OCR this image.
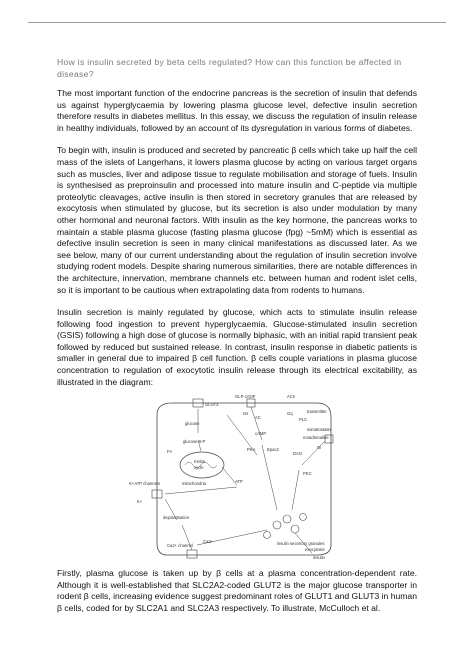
How is insulin secreted by beta cells regulated? How can this function be affected in disease?

The most important function of the endocrine pancreas is the secretion of insulin that defends us against hyperglycaemia by lowering plasma glucose level, defective insulin secretion therefore results in diabetes mellitus. In this essay, we discuss the regulation of insulin release in healthy individuals, followed by an account of its dysregulation in various forms of diabetes.

To begin with, insulin is produced and secreted by pancreatic β cells which take up half the cell mass of the islets of Langerhans, it lowers plasma glucose by acting on various target organs such as muscles, liver and adipose tissue to regulate mobilisation and storage of fuels. Insulin is synthesised as preproinsulin and processed into mature insulin and C-peptide via multiple proteolytic cleavages, active insulin is then stored in secretory granules that are released by exocytosis when stimulated by glucose, but its secretion is also under modulation by many other hormonal and neuronal factors. With insulin as the key hormone, the pancreas works to maintain a stable plasma glucose (fasting plasma glucose (fpg) ~5mM) which is essential as defective insulin secretion is seen in many clinical manifestations as discussed later. As we see below, many of our current understanding about the regulation of insulin secretion involve studying rodent models. Despite sharing numerous similarities, there are notable differences in the architecture, innervation, membrane channels etc. between human and rodent islet cells, so it is important to be cautious when extrapolating data from rodents to humans.

Insulin secretion is mainly regulated by glucose, which acts to stimulate insulin release following food ingestion to prevent hyperglycaemia. Glucose-stimulated insulin secretion (GSIS) following a high dose of glucose is normally biphasic, with an initial rapid transient peak followed by reduced but sustained release. In contrast, insulin response in diabetic patients is smaller in general due to impaired β cell function. β cells couple variations in plasma glucose concentration to regulation of exocytotic insulin release through its electrical excitability, as illustrated in the diagram:

GLUT2
glucose
glucose-6-P
FA
Krebs
cycle
mitochondria	ATP
K+ATP channels
K+
depolarisation
Ca2+ channel
Ca2+	insulin secretory granules
exocytosis
insulin
GLP-1/GIP
Gs
AC
cAMP
PKA	Epac2
ACh
Gq
PLC
DAG
PKC
transmitter
somatostatin
noradrenaline
Gi

Firstly, plasma glucose is taken up by β cells at a plasma concentration-dependent rate. Although it is well-established that SLC2A2-coded GLUT2 is the major glucose transporter in rodent β cells, increasing evidence suggest predominant roles of GLUT1 and GLUT3 in human β cells, coded for by SLC2A1 and SLC2A3 respectively. To illustrate, McCulloch et al.
